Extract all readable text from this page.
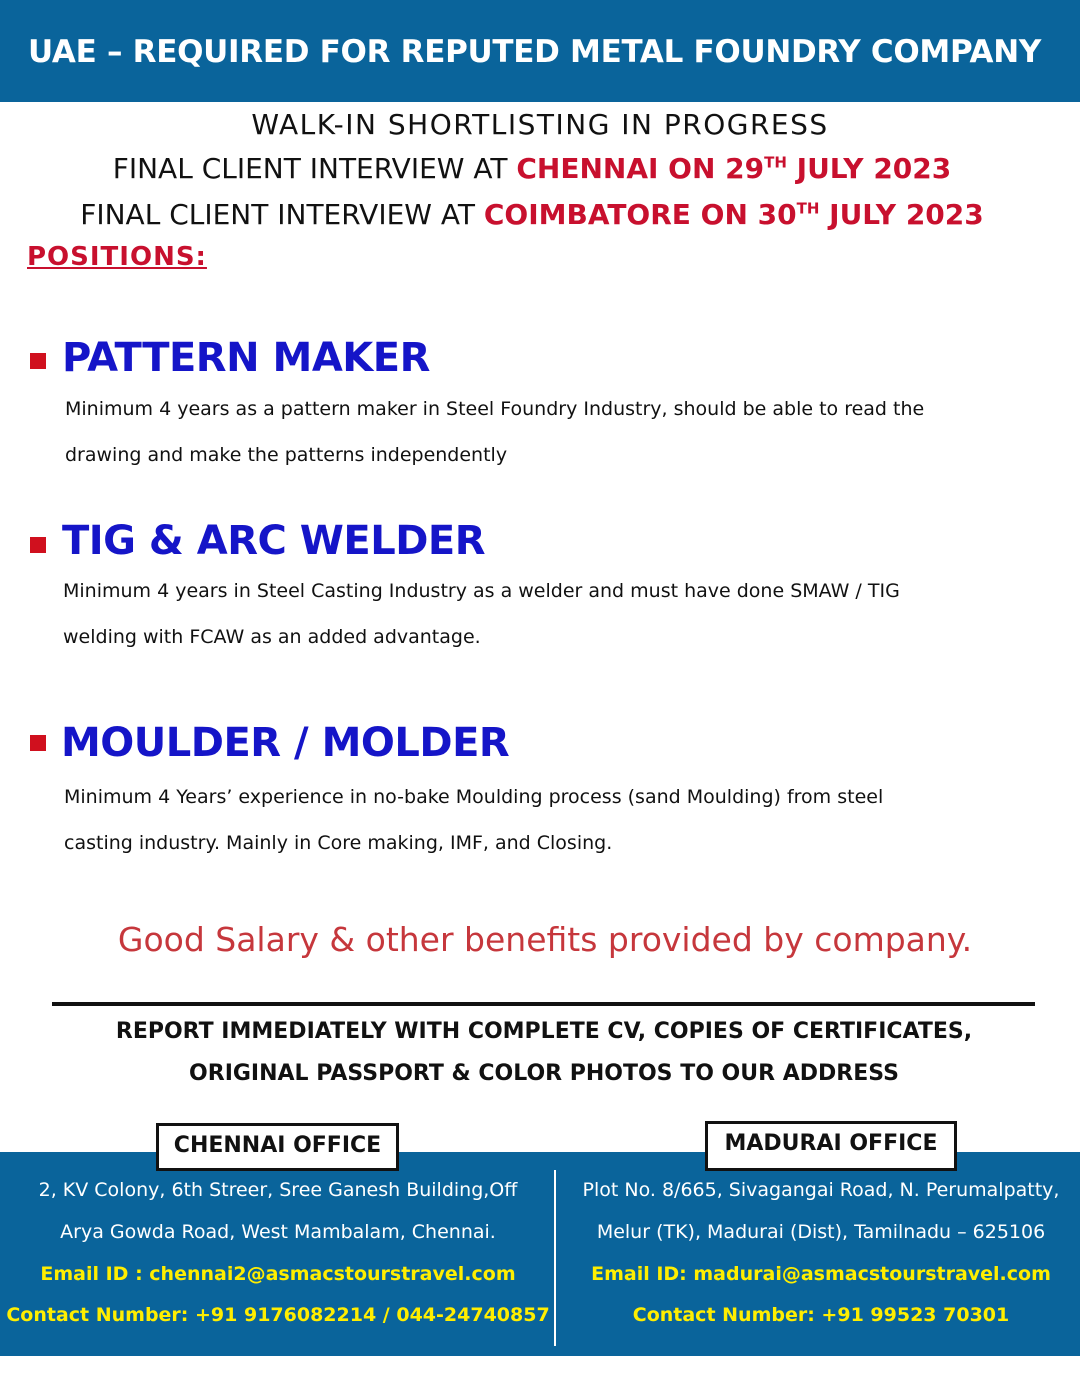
UAE – REQUIRED FOR REPUTED METAL FOUNDRY COMPANY
WALK-IN SHORTLISTING IN PROGRESS
FINAL CLIENT INTERVIEW AT CHENNAI ON 29TH JULY 2023
FINAL CLIENT INTERVIEW AT COIMBATORE ON 30TH JULY 2023
POSITIONS:
PATTERN MAKER
Minimum 4 years as a pattern maker in Steel Foundry Industry, should be able to read the
drawing and make the patterns independently
TIG & ARC WELDER
Minimum 4 years in Steel Casting Industry as a welder and must have done SMAW / TIG
welding with FCAW as an added advantage.
MOULDER / MOLDER
Minimum 4 Years’ experience in no-bake Moulding process (sand Moulding) from steel
casting industry. Mainly in Core making, IMF, and Closing.
Good Salary & other benefits provided by company.
REPORT IMMEDIATELY WITH COMPLETE CV, COPIES OF CERTIFICATES,
ORIGINAL PASSPORT & COLOR PHOTOS TO OUR ADDRESS
CHENNAI OFFICE	MADURAI OFFICE
2, KV Colony, 6th Streer, Sree Ganesh Building,Off
Arya Gowda Road, West Mambalam, Chennai.
Email ID : chennai2@asmacstourstravel.com
Contact Number: +91 9176082214 / 044-24740857
Plot No. 8/665, Sivagangai Road, N. Perumalpatty,
Melur (TK), Madurai (Dist), Tamilnadu – 625106
Email ID: madurai@asmacstourstravel.com
Contact Number: +91 99523 70301
